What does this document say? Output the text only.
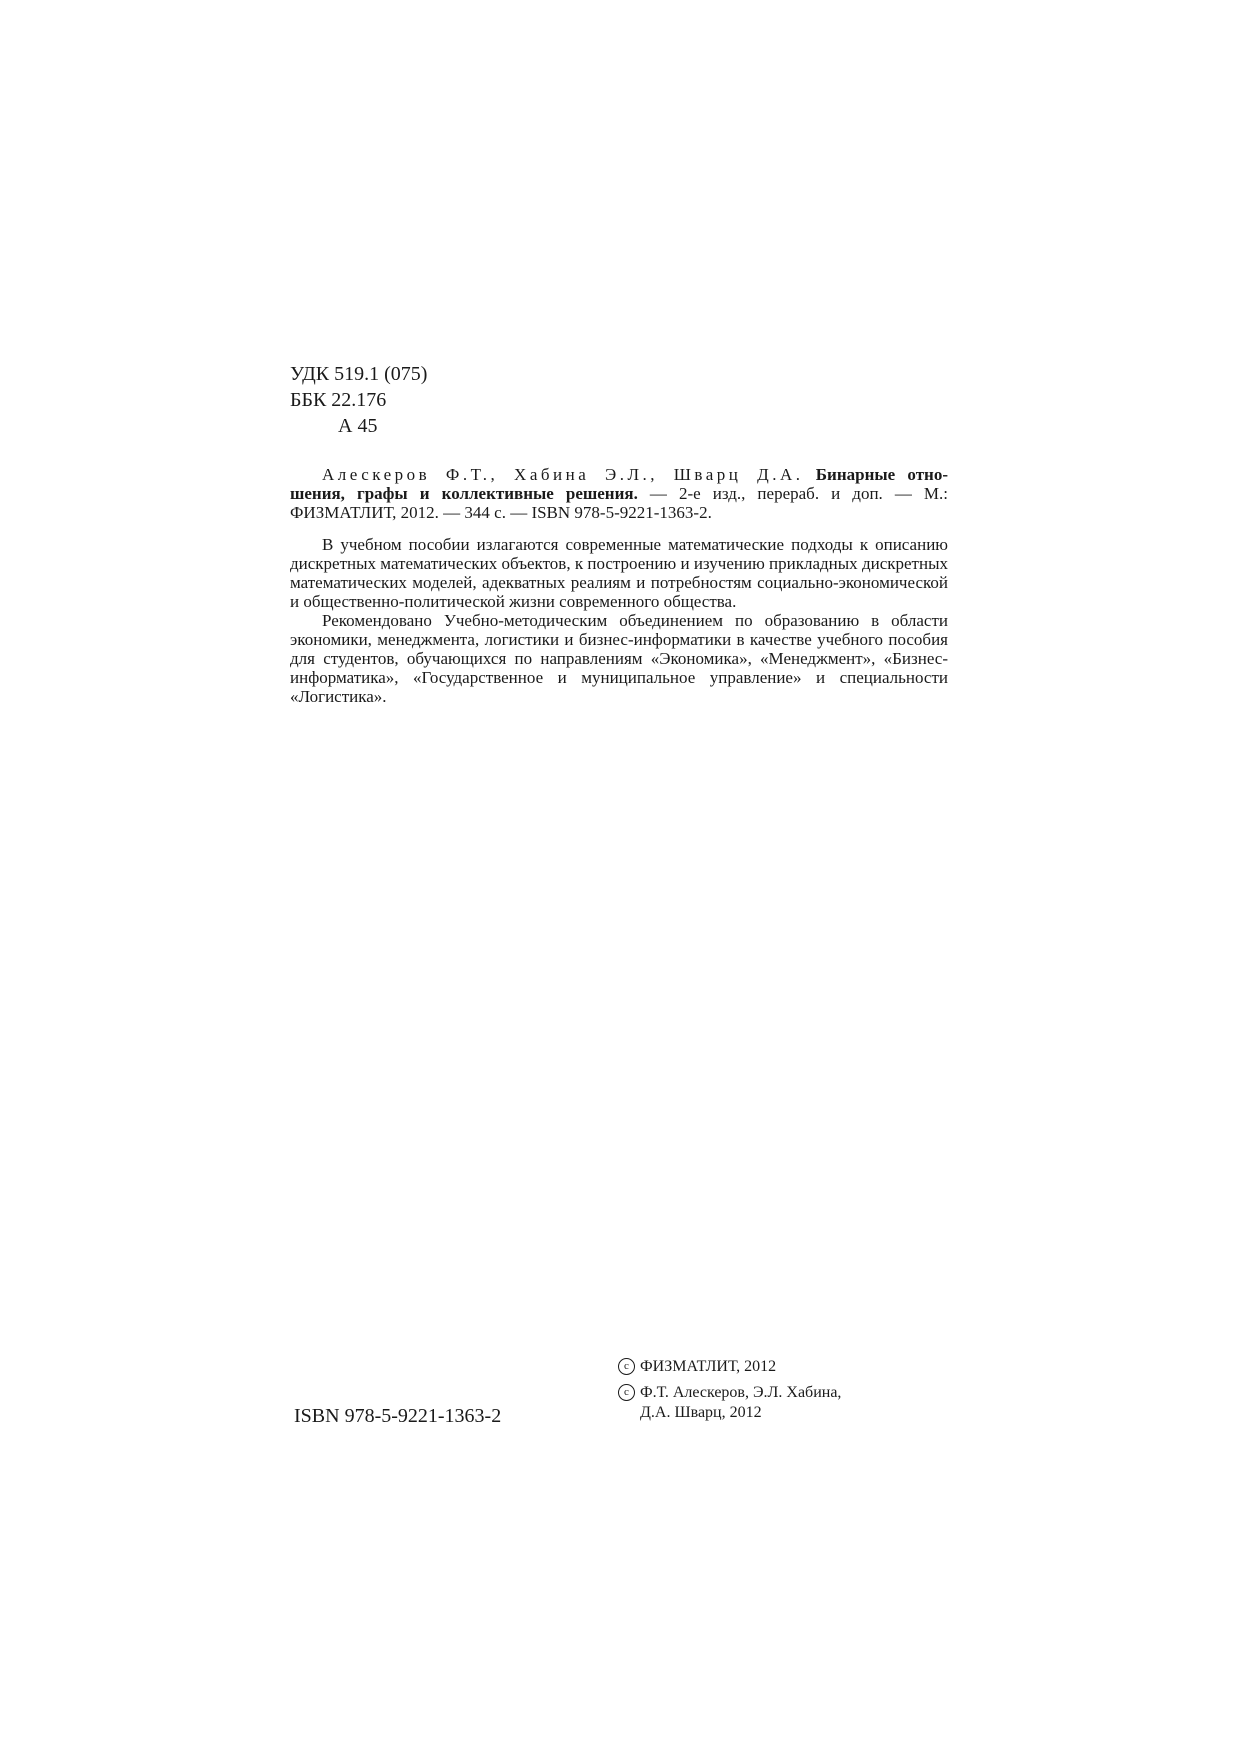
УДК 519.1 (075)
ББК 22.176
А 45

Алескеров Ф.Т., Хабина Э.Л., Шварц Д.А. Бинарные отно- шения, графы и коллективные решения. — 2-е изд., перераб. и доп. — М.: ФИЗМАТЛИТ, 2012. — 344 с. — ISBN 978-5-9221-1363-2.

В учебном пособии излагаются современные математические подходы к описанию дискретных математических объектов, к построению и изучению прикладных дискретных математических моделей, адекватных реалиям и потребностям социально-экономической и общественно-политической жизни современного общества.

Рекомендовано Учебно-методическим объединением по образованию в области экономики, менеджмента, логистики и бизнес-информатики в качестве учебного пособия для студентов, обучающихся по направлениям «Экономика», «Менеджмент», «Бизнес-информатика», «Государственное и муниципальное управление» и специальности «Логистика».

ISBN 978-5-9221-1363-2
c ФИЗМАТЛИТ, 2012
c Ф.Т. Алескеров, Э.Л. Хабина,
Д.А. Шварц, 2012
